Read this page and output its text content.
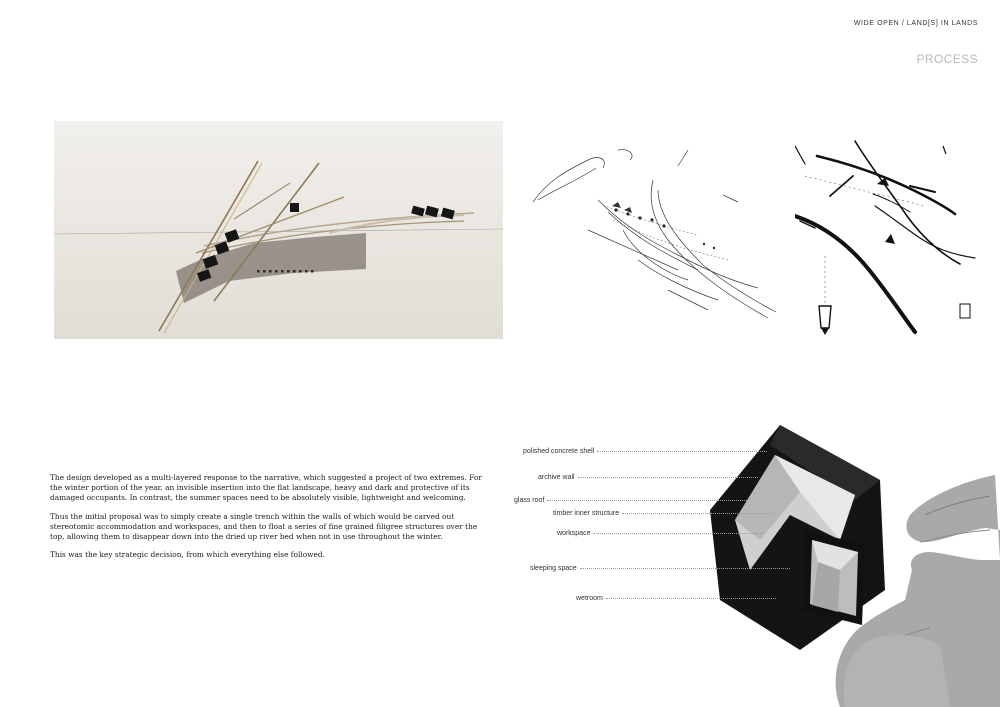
WIDE OPEN / LAND[S] IN LANDS
PROCESS

The design developed as a multi-layered response to the narrative, which suggested a project of two extremes. For the winter portion of the year, an invisible insertion into the flat landscape, heavy and dark and protective of its damaged occupants. In contrast, the summer spaces need to be absolutely visible, lightweight and welcoming.

Thus the initial proposal was to simply create a single trench within the walls of which would be carved out stereotomic accommodation and workspaces, and then to float a series of fine grained filigree structures over the top, allowing them to disappear down into the dried up river bed when not in use throughout the winter.

This was the key strategic decision, from which everything else followed.

polished concrete shell
archive wall
glass roof
timber inner structure
workspace
sleeping space
wetroom
